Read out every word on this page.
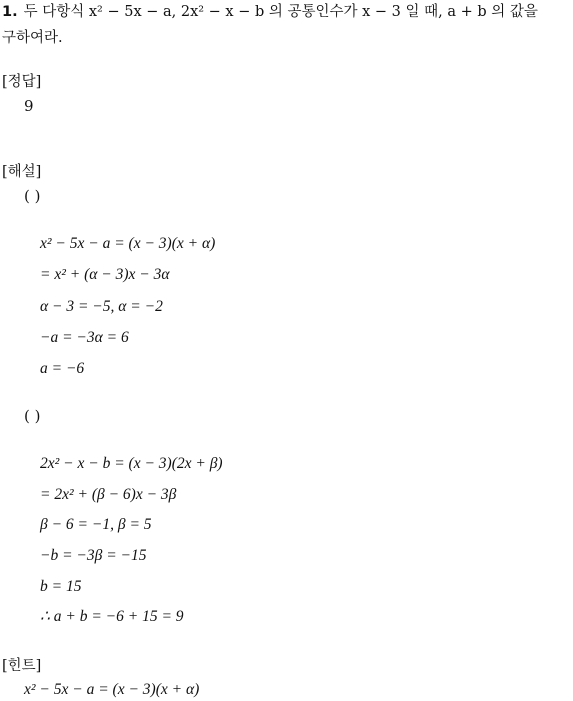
1. 두 다항식 x² − 5x − a, 2x² − x − b 의 공통인수가 x − 3 일 때, a + b 의 값을
구하여라.
[정답]
9
[해설]
( )
x² − 5x − a = (x − 3)(x + α)
= x² + (α − 3)x − 3α
α − 3 = −5, α = −2
−a = −3α = 6
a = −6
( )
2x² − x − b = (x − 3)(2x + β)
= 2x² + (β − 6)x − 3β
β − 6 = −1, β = 5
−b = −3β = −15
b = 15
∴ a + b = −6 + 15 = 9
[힌트]
x² − 5x − a = (x − 3)(x + α)
